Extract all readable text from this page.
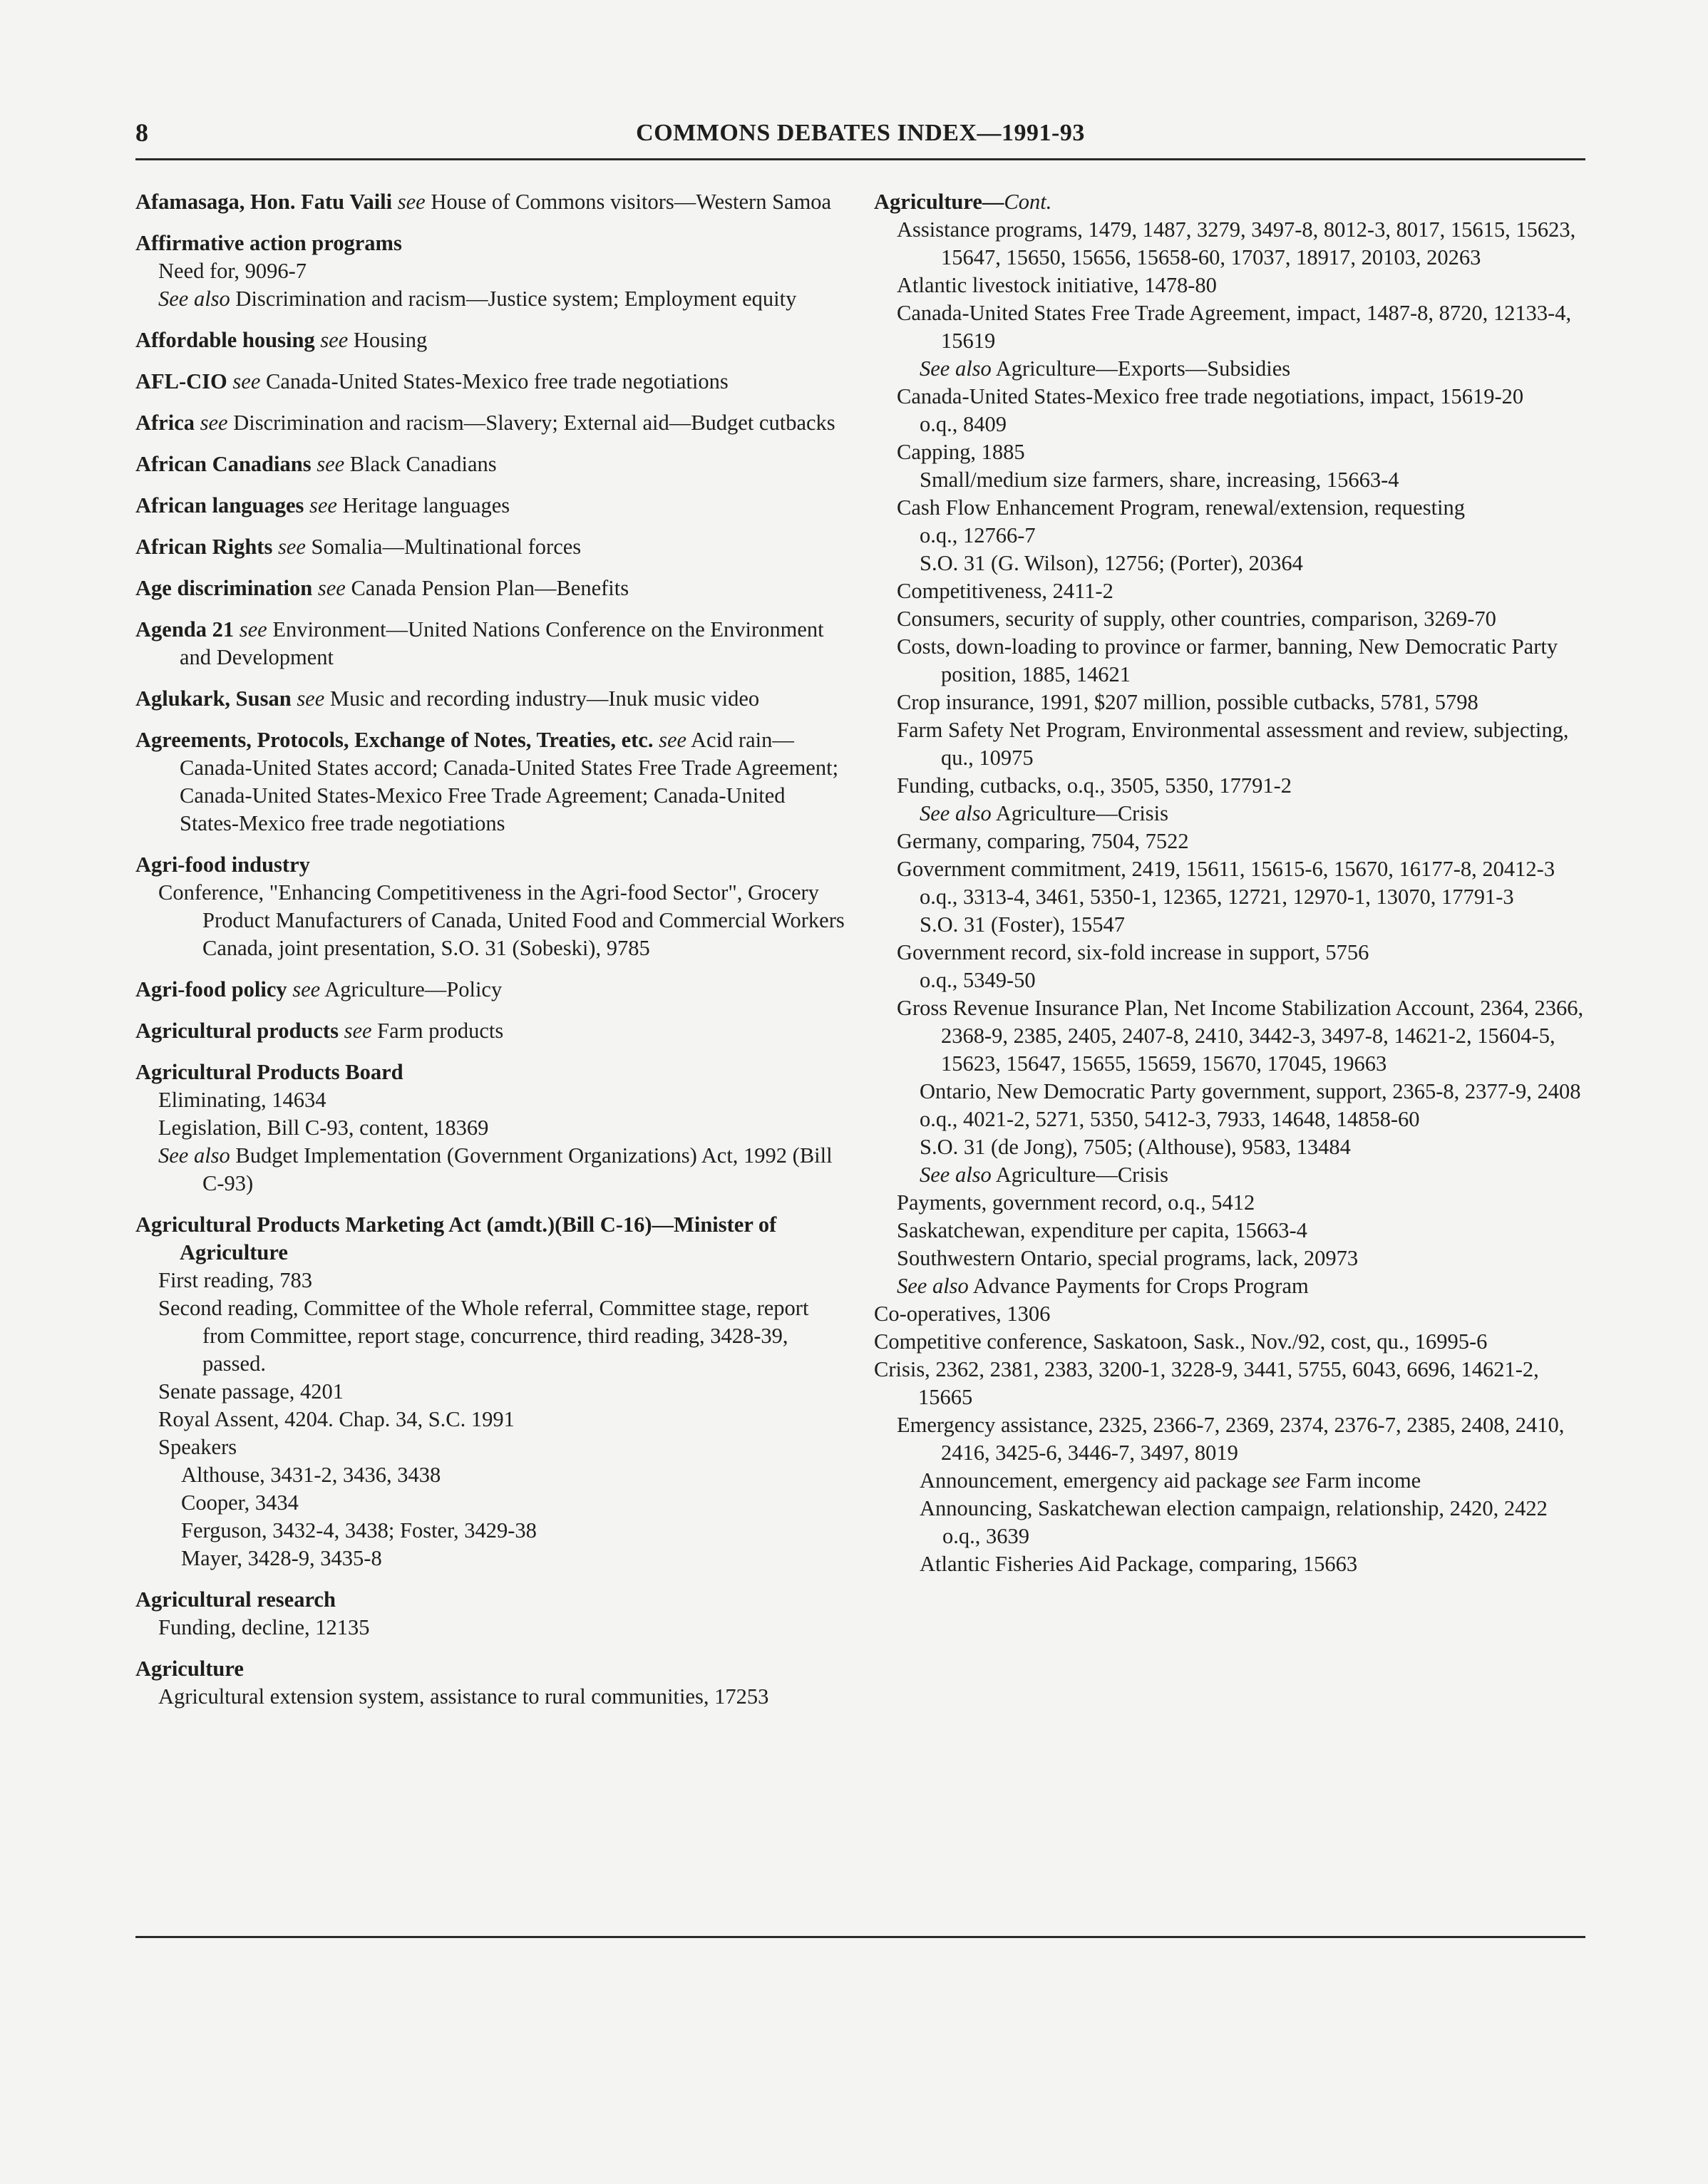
8	COMMONS DEBATES INDEX—1991-93
Afamasaga, Hon. Fatu Vaili see House of Commons visitors—Western Samoa
Affirmative action programs
Need for, 9096-7
See also Discrimination and racism—Justice system; Employment equity
Affordable housing see Housing
AFL-CIO see Canada-United States-Mexico free trade negotiations
Africa see Discrimination and racism—Slavery; External aid—Budget cutbacks
African Canadians see Black Canadians
African languages see Heritage languages
African Rights see Somalia—Multinational forces
Age discrimination see Canada Pension Plan—Benefits
Agenda 21 see Environment—United Nations Conference on the Environment and Development
Aglukark, Susan see Music and recording industry—Inuk music video
Agreements, Protocols, Exchange of Notes, Treaties, etc. see Acid rain—Canada-United States accord; Canada-United States Free Trade Agreement; Canada-United States-Mexico Free Trade Agreement; Canada-United States-Mexico free trade negotiations
Agri-food industry
Conference, "Enhancing Competitiveness in the Agri-food Sector", Grocery Product Manufacturers of Canada, United Food and Commercial Workers Canada, joint presentation, S.O. 31 (Sobeski), 9785
Agri-food policy see Agriculture—Policy
Agricultural products see Farm products
Agricultural Products Board
Eliminating, 14634
Legislation, Bill C-93, content, 18369
See also Budget Implementation (Government Organizations) Act, 1992 (Bill C-93)
Agricultural Products Marketing Act (amdt.)(Bill C-16)—Minister of Agriculture
First reading, 783
Second reading, Committee of the Whole referral, Committee stage, report from Committee, report stage, concurrence, third reading, 3428-39, passed.
Senate passage, 4201
Royal Assent, 4204. Chap. 34, S.C. 1991
Speakers
Althouse, 3431-2, 3436, 3438
Cooper, 3434
Ferguson, 3432-4, 3438; Foster, 3429-38
Mayer, 3428-9, 3435-8
Agricultural research
Funding, decline, 12135
Agriculture
Agricultural extension system, assistance to rural communities, 17253
Agriculture—Cont.
Assistance programs, 1479, 1487, 3279, 3497-8, 8012-3, 8017, 15615, 15623, 15647, 15650, 15656, 15658-60, 17037, 18917, 20103, 20263
Atlantic livestock initiative, 1478-80
Canada-United States Free Trade Agreement, impact, 1487-8, 8720, 12133-4, 15619
See also Agriculture—Exports—Subsidies
Canada-United States-Mexico free trade negotiations, impact, 15619-20
o.q., 8409
Capping, 1885
Small/medium size farmers, share, increasing, 15663-4
Cash Flow Enhancement Program, renewal/extension, requesting
o.q., 12766-7
S.O. 31 (G. Wilson), 12756; (Porter), 20364
Competitiveness, 2411-2
Consumers, security of supply, other countries, comparison, 3269-70
Costs, down-loading to province or farmer, banning, New Democratic Party position, 1885, 14621
Crop insurance, 1991, $207 million, possible cutbacks, 5781, 5798
Farm Safety Net Program, Environmental assessment and review, subjecting, qu., 10975
Funding, cutbacks, o.q., 3505, 5350, 17791-2
See also Agriculture—Crisis
Germany, comparing, 7504, 7522
Government commitment, 2419, 15611, 15615-6, 15670, 16177-8, 20412-3
o.q., 3313-4, 3461, 5350-1, 12365, 12721, 12970-1, 13070, 17791-3
S.O. 31 (Foster), 15547
Government record, six-fold increase in support, 5756
o.q., 5349-50
Gross Revenue Insurance Plan, Net Income Stabilization Account, 2364, 2366, 2368-9, 2385, 2405, 2407-8, 2410, 3442-3, 3497-8, 14621-2, 15604-5, 15623, 15647, 15655, 15659, 15670, 17045, 19663
Ontario, New Democratic Party government, support, 2365-8, 2377-9, 2408
o.q., 4021-2, 5271, 5350, 5412-3, 7933, 14648, 14858-60
S.O. 31 (de Jong), 7505; (Althouse), 9583, 13484
See also Agriculture—Crisis
Payments, government record, o.q., 5412
Saskatchewan, expenditure per capita, 15663-4
Southwestern Ontario, special programs, lack, 20973
See also Advance Payments for Crops Program
Co-operatives, 1306
Competitive conference, Saskatoon, Sask., Nov./92, cost, qu., 16995-6
Crisis, 2362, 2381, 2383, 3200-1, 3228-9, 3441, 5755, 6043, 6696, 14621-2, 15665
Emergency assistance, 2325, 2366-7, 2369, 2374, 2376-7, 2385, 2408, 2410, 2416, 3425-6, 3446-7, 3497, 8019
Announcement, emergency aid package see Farm income
Announcing, Saskatchewan election campaign, relationship, 2420, 2422
o.q., 3639
Atlantic Fisheries Aid Package, comparing, 15663
